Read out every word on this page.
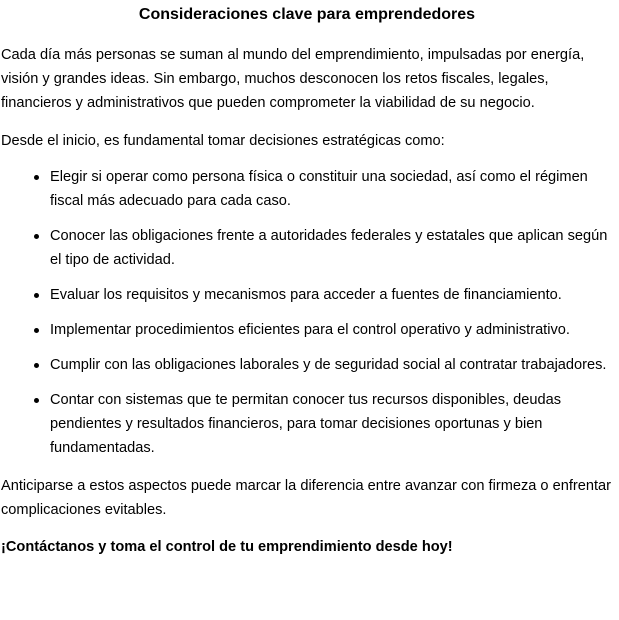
Consideraciones clave para emprendedores

Cada día más personas se suman al mundo del emprendimiento, impulsadas por energía, visión y grandes ideas. Sin embargo, muchos desconocen los retos fiscales, legales, financieros y administrativos que pueden comprometer la viabilidad de su negocio.

Desde el inicio, es fundamental tomar decisiones estratégicas como:

Elegir si operar como persona física o constituir una sociedad, así como el régimen fiscal más adecuado para cada caso.
Conocer las obligaciones frente a autoridades federales y estatales que aplican según el tipo de actividad.
Evaluar los requisitos y mecanismos para acceder a fuentes de financiamiento.
Implementar procedimientos eficientes para el control operativo y administrativo.
Cumplir con las obligaciones laborales y de seguridad social al contratar trabajadores.
Contar con sistemas que te permitan conocer tus recursos disponibles, deudas pendientes y resultados financieros, para tomar decisiones oportunas y bien fundamentadas.

Anticiparse a estos aspectos puede marcar la diferencia entre avanzar con firmeza o enfrentar complicaciones evitables.

¡Contáctanos y toma el control de tu emprendimiento desde hoy!
